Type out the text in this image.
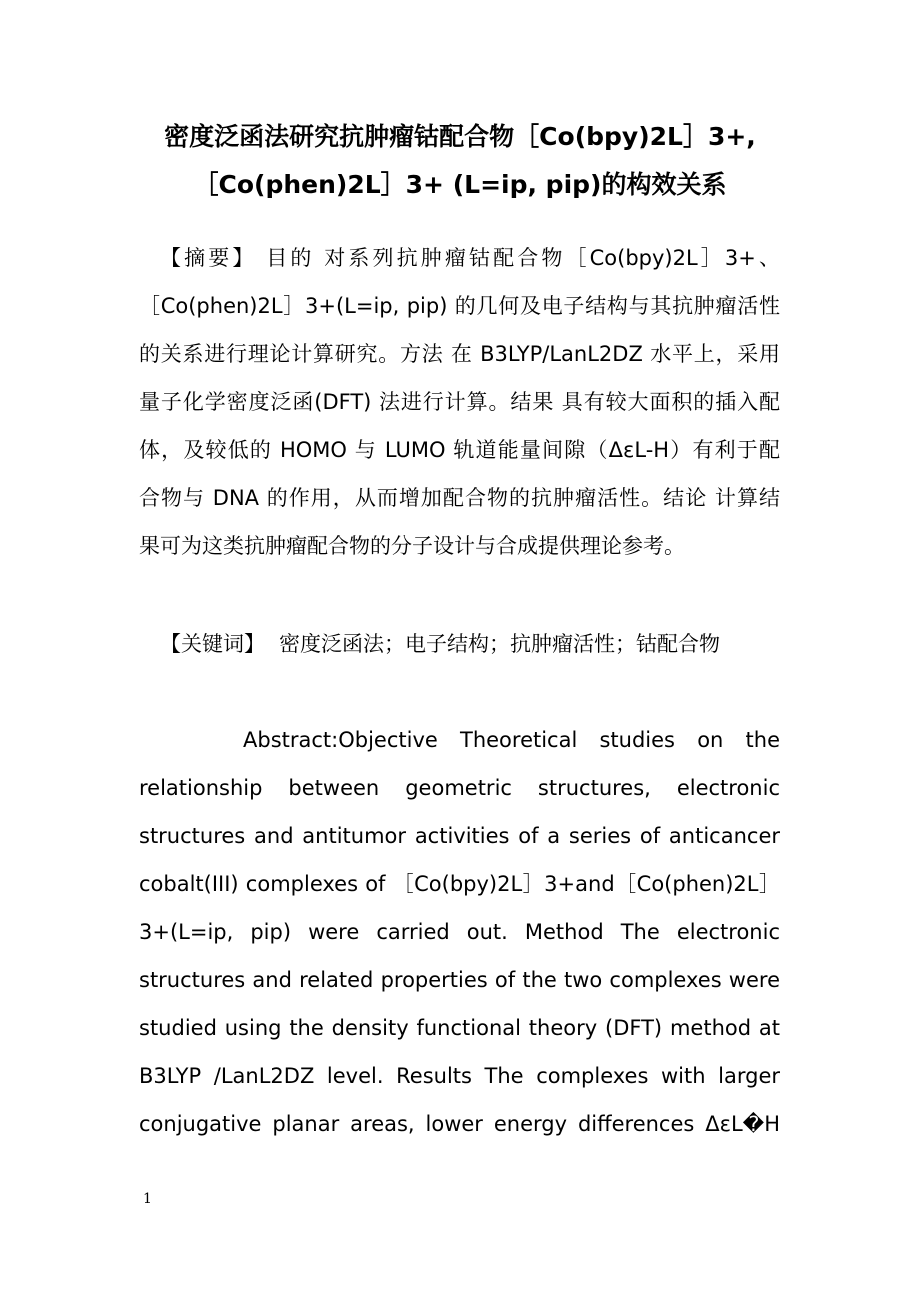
密度泛函法研究抗肿瘤钴配合物［Co(bpy)2L］3+,
［Co(phen)2L］3+ (L=ip, pip)的构效关系
【摘要】 目的 对系列抗肿瘤钴配合物［Co(bpy)2L］3+、
［Co(phen)2L］3+(L=ip, pip) 的几何及电子结构与其抗肿瘤活性
的关系进行理论计算研究。方法 在 B3LYP/LanL2DZ 水平上，采用
量子化学密度泛函(DFT) 法进行计算。结果 具有较大面积的插入配
体，及较低的 HOMO 与 LUMO 轨道能量间隙（ΔεL-H）有利于配
合物与 DNA 的作用，从而增加配合物的抗肿瘤活性。结论 计算结
果可为这类抗肿瘤配合物的分子设计与合成提供理论参考。
【关键词】 密度泛函法；电子结构；抗肿瘤活性；钴配合物
Abstract:Objective Theoretical studies on the
relationship between geometric structures, electronic
structures and antitumor activities of a series of anticancer
cobalt(III) complexes of ［Co(bpy)2L］3+and［Co(phen)2L］
3+(L=ip, pip) were carried out. Method The electronic
structures and related properties of the two complexes were
studied using the density functional theory (DFT) method at
B3LYP /LanL2DZ level. Results The complexes with larger
conjugative planar areas, lower energy differences ΔεL�H
1
